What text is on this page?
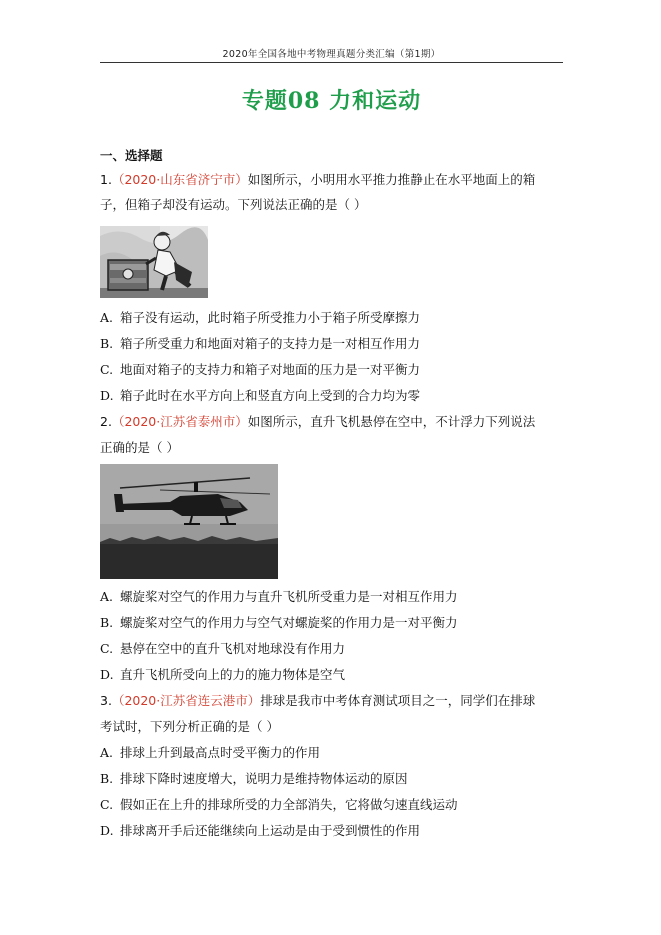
2020年全国各地中考物理真题分类汇编（第1期）
专题08 力和运动
一、选择题
1.（2020·山东省济宁市）如图所示，小明用水平推力推静止在水平地面上的箱
子，但箱子却没有运动。下列说法正确的是（ ）
A. 箱子没有运动，此时箱子所受推力小于箱子所受摩擦力
B. 箱子所受重力和地面对箱子的支持力是一对相互作用力
C. 地面对箱子的支持力和箱子对地面的压力是一对平衡力
D. 箱子此时在水平方向上和竖直方向上受到的合力均为零
2.（2020·江苏省泰州市）如图所示，直升飞机悬停在空中，不计浮力下列说法
正确的是（ ）
A. 螺旋桨对空气的作用力与直升飞机所受重力是一对相互作用力
B. 螺旋桨对空气的作用力与空气对螺旋桨的作用力是一对平衡力
C. 悬停在空中的直升飞机对地球没有作用力
D. 直升飞机所受向上的力的施力物体是空气
3.（2020·江苏省连云港市）排球是我市中考体育测试项目之一，同学们在排球
考试时，下列分析正确的是（ ）
A. 排球上升到最高点时受平衡力的作用
B. 排球下降时速度增大，说明力是维持物体运动的原因
C. 假如正在上升的排球所受的力全部消失，它将做匀速直线运动
D. 排球离开手后还能继续向上运动是由于受到惯性的作用
